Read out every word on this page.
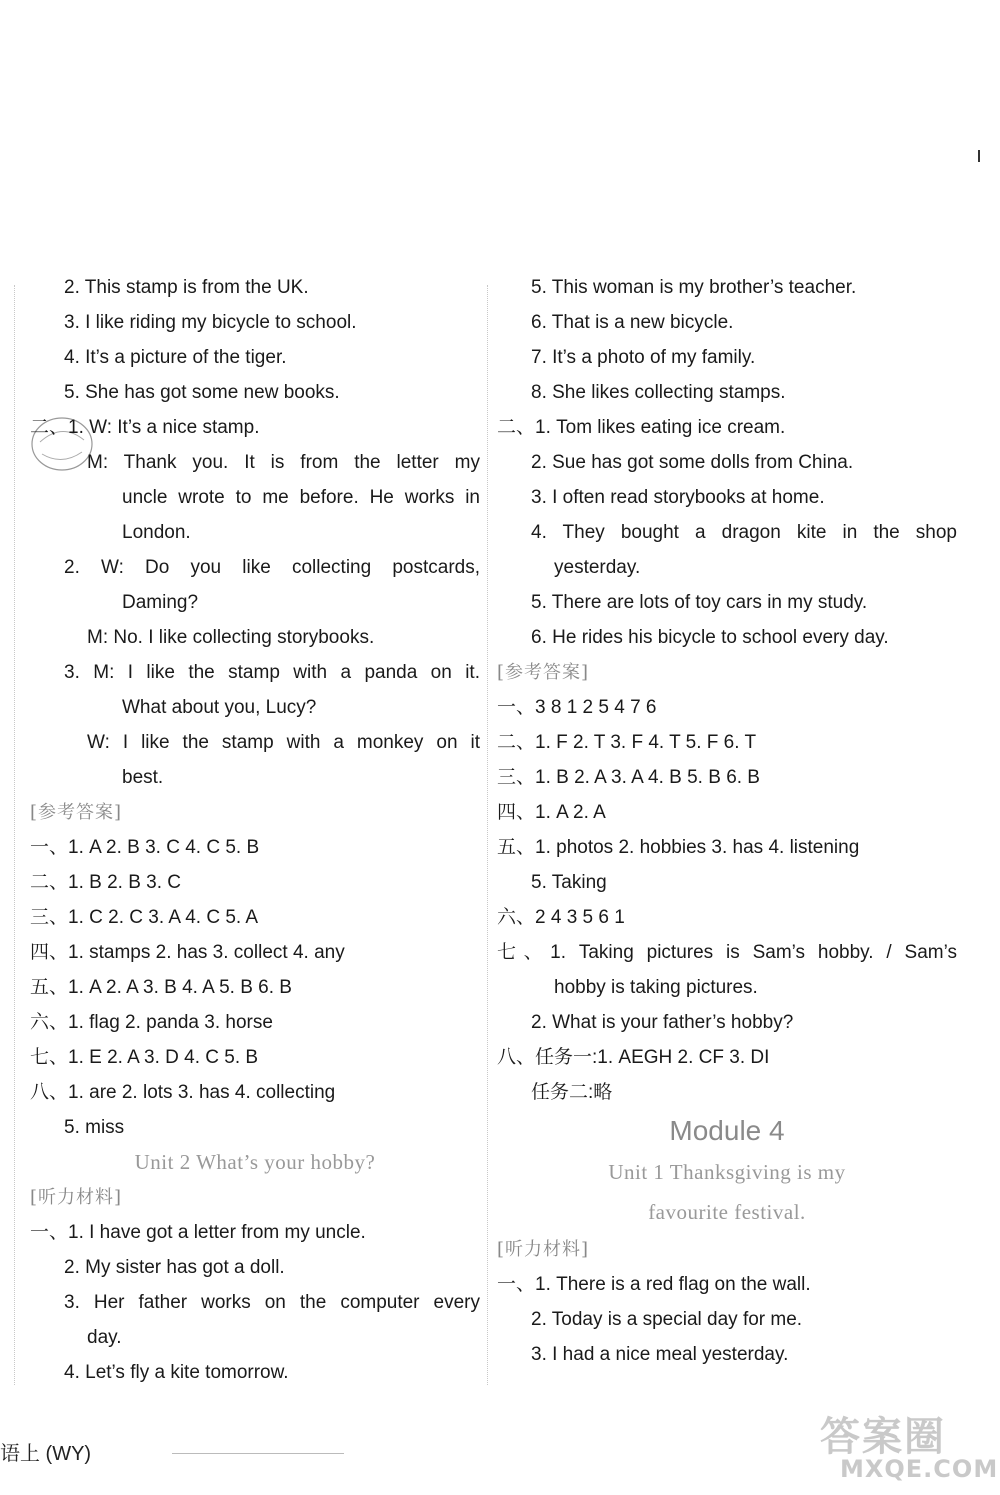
2. This stamp is from the UK.
3. I like riding my bicycle to school.
4. It’s a picture of the tiger.
5. She has got some new books.
二、1. W: It’s a nice stamp.
M: Thank you. It is from the letter my
uncle wrote to me before. He works in
London.
2. W: Do you like collecting postcards,
Daming?
M: No. I like collecting storybooks.
3. M: I like the stamp with a panda on it.
What about you, Lucy?
W: I like the stamp with a monkey on it
best.
[参考答案]
一、1. A 2. B 3. C 4. C 5. B
二、1. B 2. B 3. C
三、1. C 2. C 3. A 4. C 5. A
四、1. stamps 2. has 3. collect 4. any
五、1. A 2. A 3. B 4. A 5. B 6. B
六、1. flag 2. panda 3. horse
七、1. E 2. A 3. D 4. C 5. B
八、1. are 2. lots 3. has 4. collecting
5. miss
Unit 2 What’s your hobby?
[听力材料]
一、1. I have got a letter from my uncle.
2. My sister has got a doll.
3. Her father works on the computer every
day.
4. Let’s fly a kite tomorrow.
5. This woman is my brother’s teacher.
6. That is a new bicycle.
7. It’s a photo of my family.
8. She likes collecting stamps.
二、1. Tom likes eating ice cream.
2. Sue has got some dolls from China.
3. I often read storybooks at home.
4. They bought a dragon kite in the shop
yesterday.
5. There are lots of toy cars in my study.
6. He rides his bicycle to school every day.
[参考答案]
一、3 8 1 2 5 4 7 6
二、1. F 2. T 3. F 4. T 5. F 6. T
三、1. B 2. A 3. A 4. B 5. B 6. B
四、1. A 2. A
五、1. photos 2. hobbies 3. has 4. listening
5. Taking
六、2 4 3 5 6 1
七、1. Taking pictures is Sam’s hobby. / Sam’s
hobby is taking pictures.
2. What is your father’s hobby?
八、任务一:1. AEGH 2. CF 3. DI
任务二:略
Module 4
Unit 1 Thanksgiving is my
favourite festival.
[听力材料]
一、1. There is a red flag on the wall.
2. Today is a special day for me.
3. I had a nice meal yesterday.
语上 (WY)	答案圈
MXQE.COM
